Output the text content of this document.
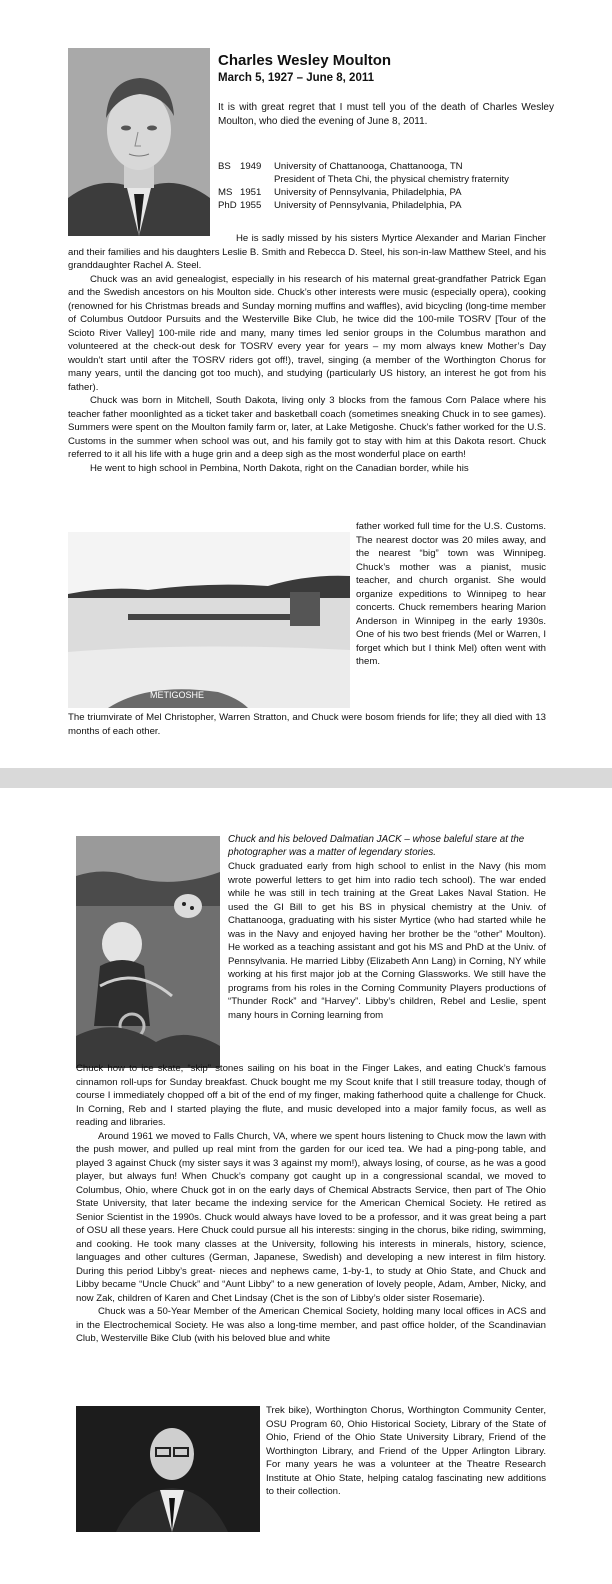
Charles Wesley Moulton
March 5, 1927 – June 8, 2011
It is with great regret that I must tell you of the death of Charles Wesley Moulton, who died the evening of June 8, 2011.
BS 1949	University of Chattanooga, Chattanooga, TN
President of Theta Chi, the physical chemistry fraternity
MS 1951	University of Pennsylvania, Philadelphia, PA
PhD 1955	University of Pennsylvania, Philadelphia, PA

He is sadly missed by his sisters Myrtice Alexander and Marian Fincher and their families and his daughters Leslie B. Smith and Rebecca D. Steel, his son-in-law Matthew Steel, and his granddaughter Rachel A. Steel.

Chuck was an avid genealogist, especially in his research of his maternal great-grandfather Patrick Egan and the Swedish ancestors on his Moulton side. Chuck’s other interests were music (especially opera), cooking (renowned for his Christmas breads and Sunday morning muffins and waffles), avid bicycling (long-time member of Columbus Outdoor Pursuits and the Westerville Bike Club, he twice did the 100-mile TOSRV [Tour of the Scioto River Valley] 100-mile ride and many, many times led senior groups in the Columbus marathon and volunteered at the check-out desk for TOSRV every year for years – my mom always knew Mother’s Day wouldn’t start until after the TOSRV riders got off!), travel, singing (a member of the Worthington Chorus for many years, until the dancing got too much), and studying (particularly US history, an interest he got from his father).

Chuck was born in Mitchell, South Dakota, living only 3 blocks from the famous Corn Palace where his teacher father moonlighted as a ticket taker and basketball coach (sometimes sneaking Chuck in to see games). Summers were spent on the Moulton family farm or, later, at Lake Metigoshe. Chuck’s father worked for the U.S. Customs in the summer when school was out, and his family got to stay with him at this Dakota resort. Chuck referred to it all his life with a huge grin and a deep sigh as the most wonderful place on earth!

He went to high school in Pembina, North Dakota, right on the Canadian border, while his

METIGOSHE
father worked full time for the U.S. Customs. The nearest doctor was 20 miles away, and the nearest “big” town was Winnipeg. Chuck’s mother was a pianist, music teacher, and church organist. She would organize expeditions to Winnipeg to hear concerts. Chuck remembers hearing Marion Anderson in Winnipeg in the early 1930s. One of his two best friends (Mel or Warren, I forget which but I think Mel) often went with them.
The triumvirate of Mel Christopher, Warren Stratton, and Chuck were bosom friends for life; they all died with 13 months of each other.
Chuck and his beloved Dalmatian JACK – whose baleful stare at the photographer was a matter of legendary stories.
Chuck graduated early from high school to enlist in the Navy (his mom wrote powerful letters to get him into radio tech school). The war ended while he was still in tech training at the Great Lakes Naval Station. He used the GI Bill to get his BS in physical chemistry at the Univ. of Chattanooga, graduating with his sister Myrtice (who had started while he was in the Navy and enjoyed having her brother be the “other” Moulton). He worked as a teaching assistant and got his MS and PhD at the Univ. of Pennsylvania. He married Libby (Elizabeth Ann Lang) in Corning, NY while working at his first major job at the Corning Glassworks. We still have the programs from his roles in the Corning Community Players productions of “Thunder Rock” and “Harvey”. Libby’s children, Rebel and Leslie, spent many hours in Corning learning from

Chuck how to ice skate, “skip” stones sailing on his boat in the Finger Lakes, and eating Chuck’s famous cinnamon roll-ups for Sunday breakfast. Chuck bought me my Scout knife that I still treasure today, though of course I immediately chopped off a bit of the end of my finger, making fatherhood quite a challenge for Chuck. In Corning, Reb and I started playing the flute, and music developed into a major family focus, as well as reading and libraries.

Around 1961 we moved to Falls Church, VA, where we spent hours listening to Chuck mow the lawn with the push mower, and pulled up real mint from the garden for our iced tea. We had a ping-pong table, and played 3 against Chuck (my sister says it was 3 against my mom!), always losing, of course, as he was a good player, but always fun! When Chuck’s company got caught up in a congressional scandal, we moved to Columbus, Ohio, where Chuck got in on the early days of Chemical Abstracts Service, then part of The Ohio State University, that later became the indexing service for the American Chemical Society. He retired as Senior Scientist in the 1990s. Chuck would always have loved to be a professor, and it was great being a part of OSU all these years. Here Chuck could pursue all his interests: singing in the chorus, bike riding, swimming, and cooking. He took many classes at the University, following his interests in minerals, history, science, languages and other cultures (German, Japanese, Swedish) and developing a new interest in film history. During this period Libby’s great- nieces and nephews came, 1-by-1, to study at Ohio State, and Chuck and Libby became “Uncle Chuck” and “Aunt Libby” to a new generation of lovely people, Adam, Amber, Nicky, and now Zak, children of Karen and Chet Lindsay (Chet is the son of Libby’s older sister Rosemarie).

Chuck was a 50-Year Member of the American Chemical Society, holding many local offices in ACS and in the Electrochemical Society. He was also a long-time member, and past office holder, of the Scandinavian Club, Westerville Bike Club (with his beloved blue and white

Trek bike), Worthington Chorus, Worthington Community Center, OSU Program 60, Ohio Historical Society, Library of the State of Ohio, Friend of the Ohio State University Library, Friend of the Worthington Library, and Friend of the Upper Arlington Library. For many years he was a volunteer at the Theatre Research Institute at Ohio State, helping catalog fascinating new additions to their collection.
